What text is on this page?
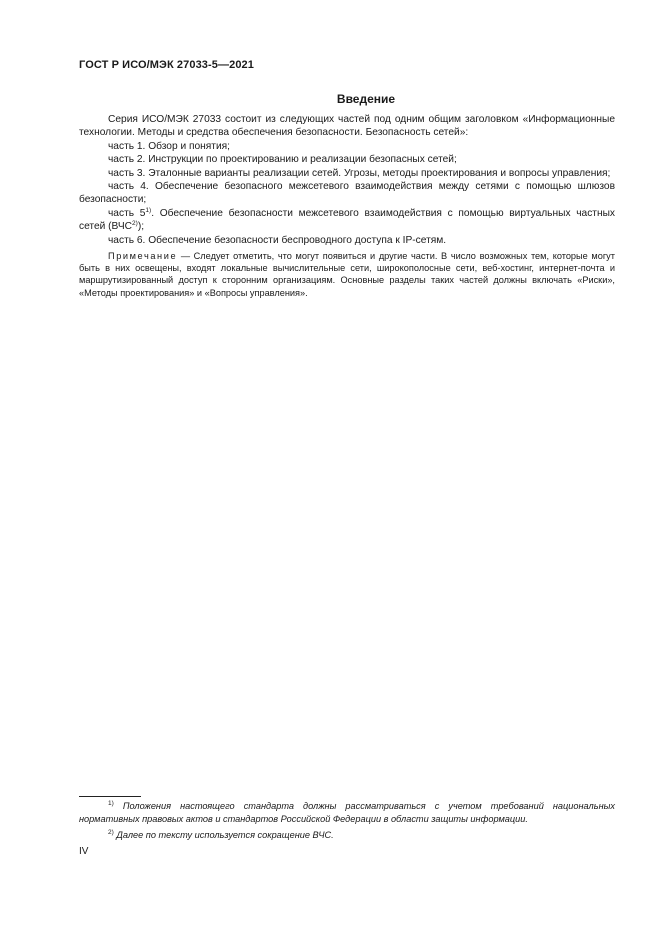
ГОСТ Р ИСО/МЭК 27033-5—2021
Введение

Серия ИСО/МЭК 27033 состоит из следующих частей под одним общим заголовком «Информационные технологии. Методы и средства обеспечения безопасности. Безопасность сетей»:

часть 1. Обзор и понятия;

часть 2. Инструкции по проектированию и реализации безопасных сетей;

часть 3. Эталонные варианты реализации сетей. Угрозы, методы проектирования и вопросы управления;

часть 4. Обеспечение безопасного межсетевого взаимодействия между сетями с помощью шлюзов безопасности;

часть 5$^{1)}$. Обеспечение безопасности межсетевого взаимодействия с помощью виртуальных частных сетей (ВЧС$^{2)}$);

часть 6. Обеспечение безопасности беспроводного доступа к IP-сетям.

Примечание — Следует отметить, что могут появиться и другие части. В число возможных тем, которые могут быть в них освещены, входят локальные вычислительные сети, широкополосные сети, веб-хостинг, интернет-почта и маршрутизированный доступ к сторонним организациям. Основные разделы таких частей должны включать «Риски», «Методы проектирования» и «Вопросы управления».

$^{1)}$ Положения настоящего стандарта должны рассматриваться с учетом требований национальных нормативных правовых актов и стандартов Российской Федерации в области защиты информации.

$^{2)}$ Далее по тексту используется сокращение ВЧС.

IV
